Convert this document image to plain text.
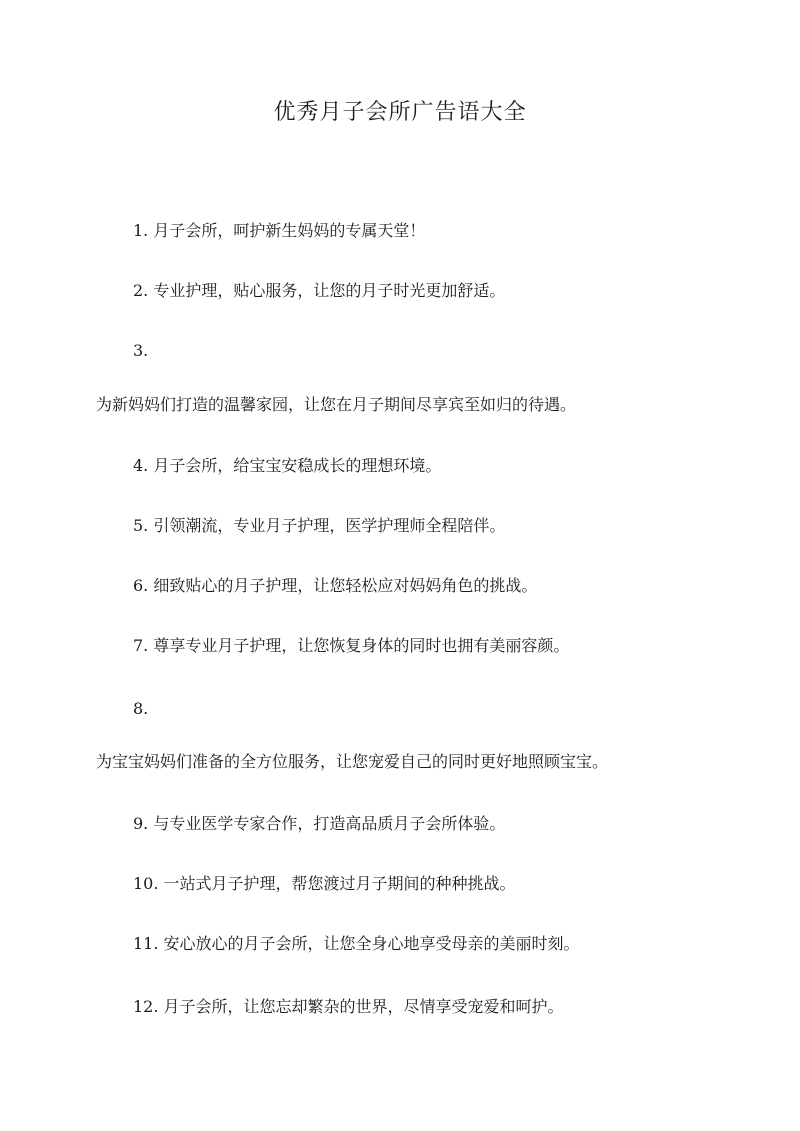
优秀月子会所广告语大全
1. 月子会所，呵护新生妈妈的专属天堂！
2. 专业护理，贴心服务，让您的月子时光更加舒适。
3.
为新妈妈们打造的温馨家园，让您在月子期间尽享宾至如归的待遇。
4. 月子会所，给宝宝安稳成长的理想环境。
5. 引领潮流，专业月子护理，医学护理师全程陪伴。
6. 细致贴心的月子护理，让您轻松应对妈妈角色的挑战。
7. 尊享专业月子护理，让您恢复身体的同时也拥有美丽容颜。
8.
为宝宝妈妈们准备的全方位服务，让您宠爱自己的同时更好地照顾宝宝。
9. 与专业医学专家合作，打造高品质月子会所体验。
10. 一站式月子护理，帮您渡过月子期间的种种挑战。
11. 安心放心的月子会所，让您全身心地享受母亲的美丽时刻。
12. 月子会所，让您忘却繁杂的世界，尽情享受宠爱和呵护。
